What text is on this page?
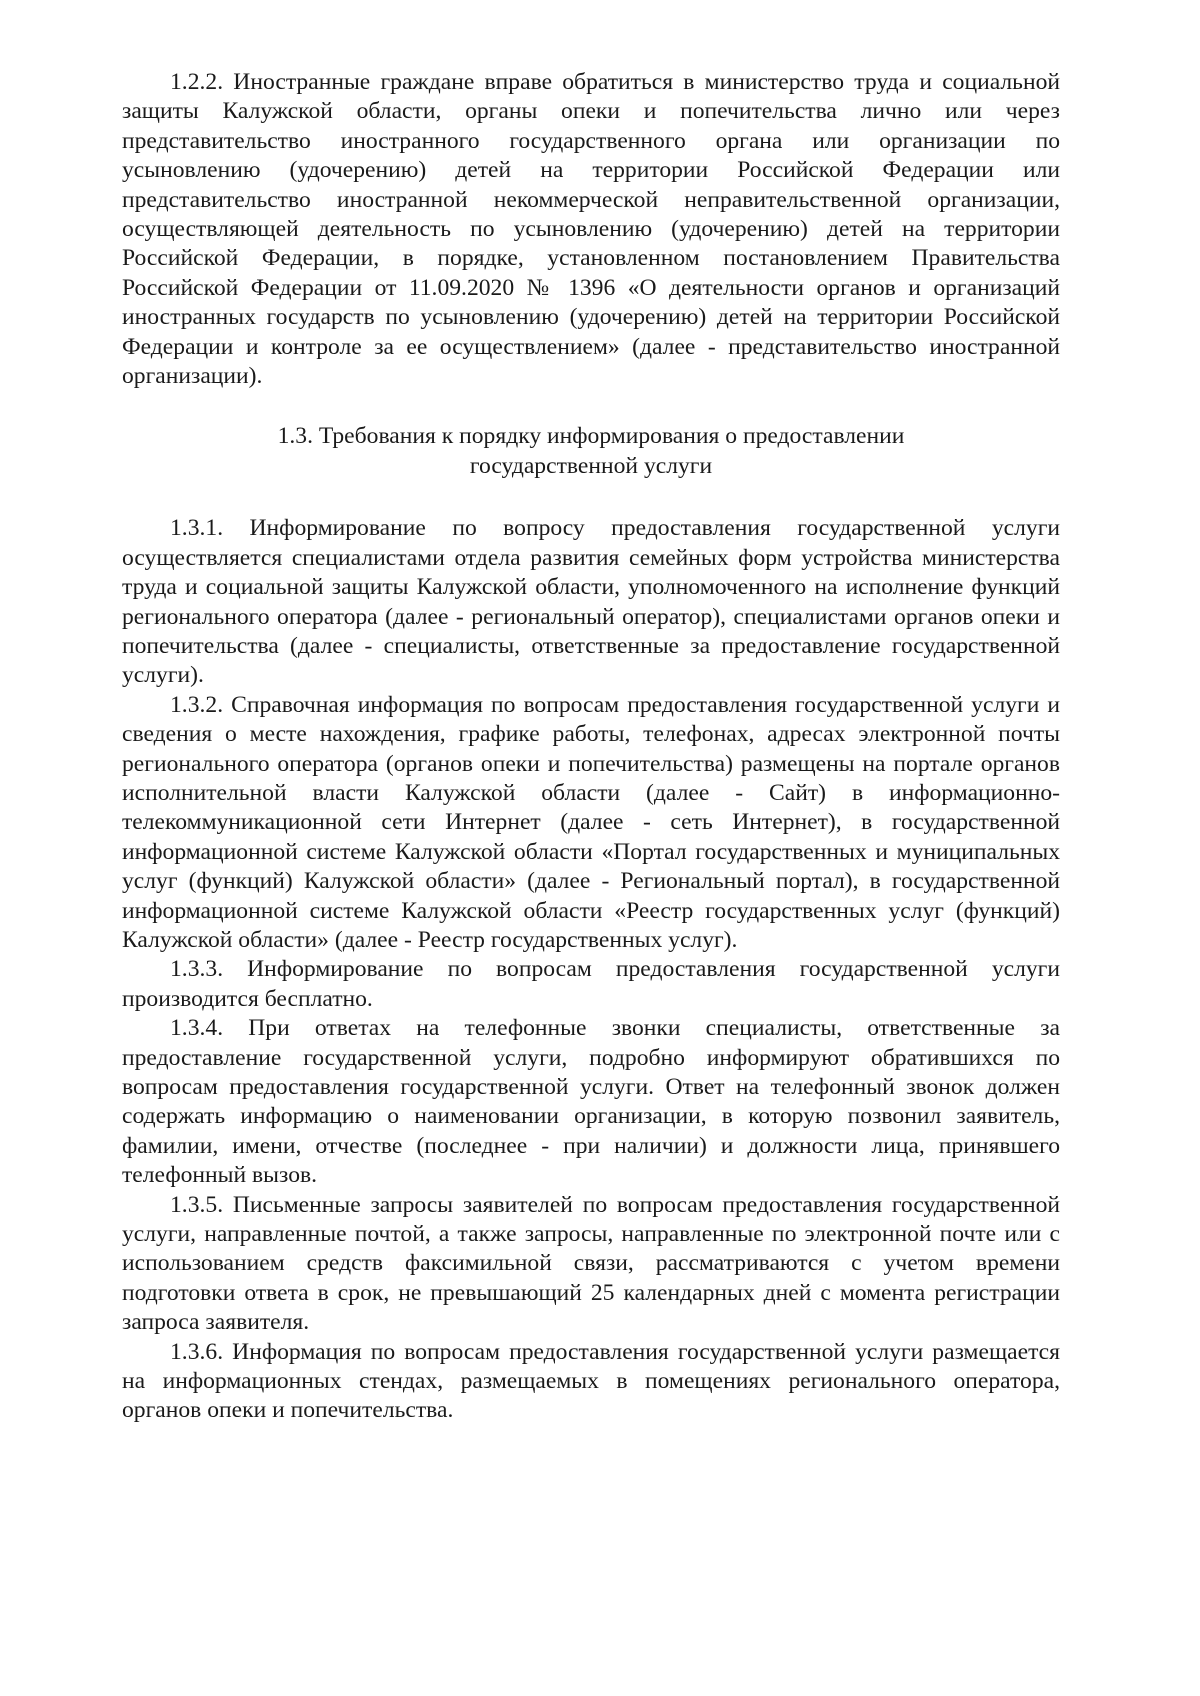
1.2.2. Иностранные граждане вправе обратиться в министерство труда и социальной защиты Калужской области, органы опеки и попечительства лично или через представительство иностранного государственного органа или организации по усыновлению (удочерению) детей на территории Российской Федерации или представительство иностранной некоммерческой неправительственной организации, осуществляющей деятельность по усыновлению (удочерению) детей на территории Российской Федерации, в порядке, установленном постановлением Правительства Российской Федерации от 11.09.2020 № 1396 «О деятельности органов и организаций иностранных государств по усыновлению (удочерению) детей на территории Российской Федерации и контроле за ее осуществлением» (далее - представительство иностранной организации).

1.3. Требования к порядку информирования о предоставлении
государственной услуги

1.3.1. Информирование по вопросу предоставления государственной услуги осуществляется специалистами отдела развития семейных форм устройства министерства труда и социальной защиты Калужской области, уполномоченного на исполнение функций регионального оператора (далее - региональный оператор), специалистами органов опеки и попечительства (далее - специалисты, ответственные за предоставление государственной услуги).

1.3.2. Справочная информация по вопросам предоставления государственной услуги и сведения о месте нахождения, графике работы, телефонах, адресах электронной почты регионального оператора (органов опеки и попечительства) размещены на портале органов исполнительной власти Калужской области (далее - Сайт) в информационно-телекоммуникационной сети Интернет (далее - сеть Интернет), в государственной информационной системе Калужской области «Портал государственных и муниципальных услуг (функций) Калужской области» (далее - Региональный портал), в государственной информационной системе Калужской области «Реестр государственных услуг (функций) Калужской области» (далее - Реестр государственных услуг).

1.3.3. Информирование по вопросам предоставления государственной услуги производится бесплатно.

1.3.4. При ответах на телефонные звонки специалисты, ответственные за предоставление государственной услуги, подробно информируют обратившихся по вопросам предоставления государственной услуги. Ответ на телефонный звонок должен содержать информацию о наименовании организации, в которую позвонил заявитель, фамилии, имени, отчестве (последнее - при наличии) и должности лица, принявшего телефонный вызов.

1.3.5. Письменные запросы заявителей по вопросам предоставления государственной услуги, направленные почтой, а также запросы, направленные по электронной почте или с использованием средств факсимильной связи, рассматриваются с учетом времени подготовки ответа в срок, не превышающий 25 календарных дней с момента регистрации запроса заявителя.

1.3.6. Информация по вопросам предоставления государственной услуги размещается на информационных стендах, размещаемых в помещениях регионального оператора, органов опеки и попечительства.
